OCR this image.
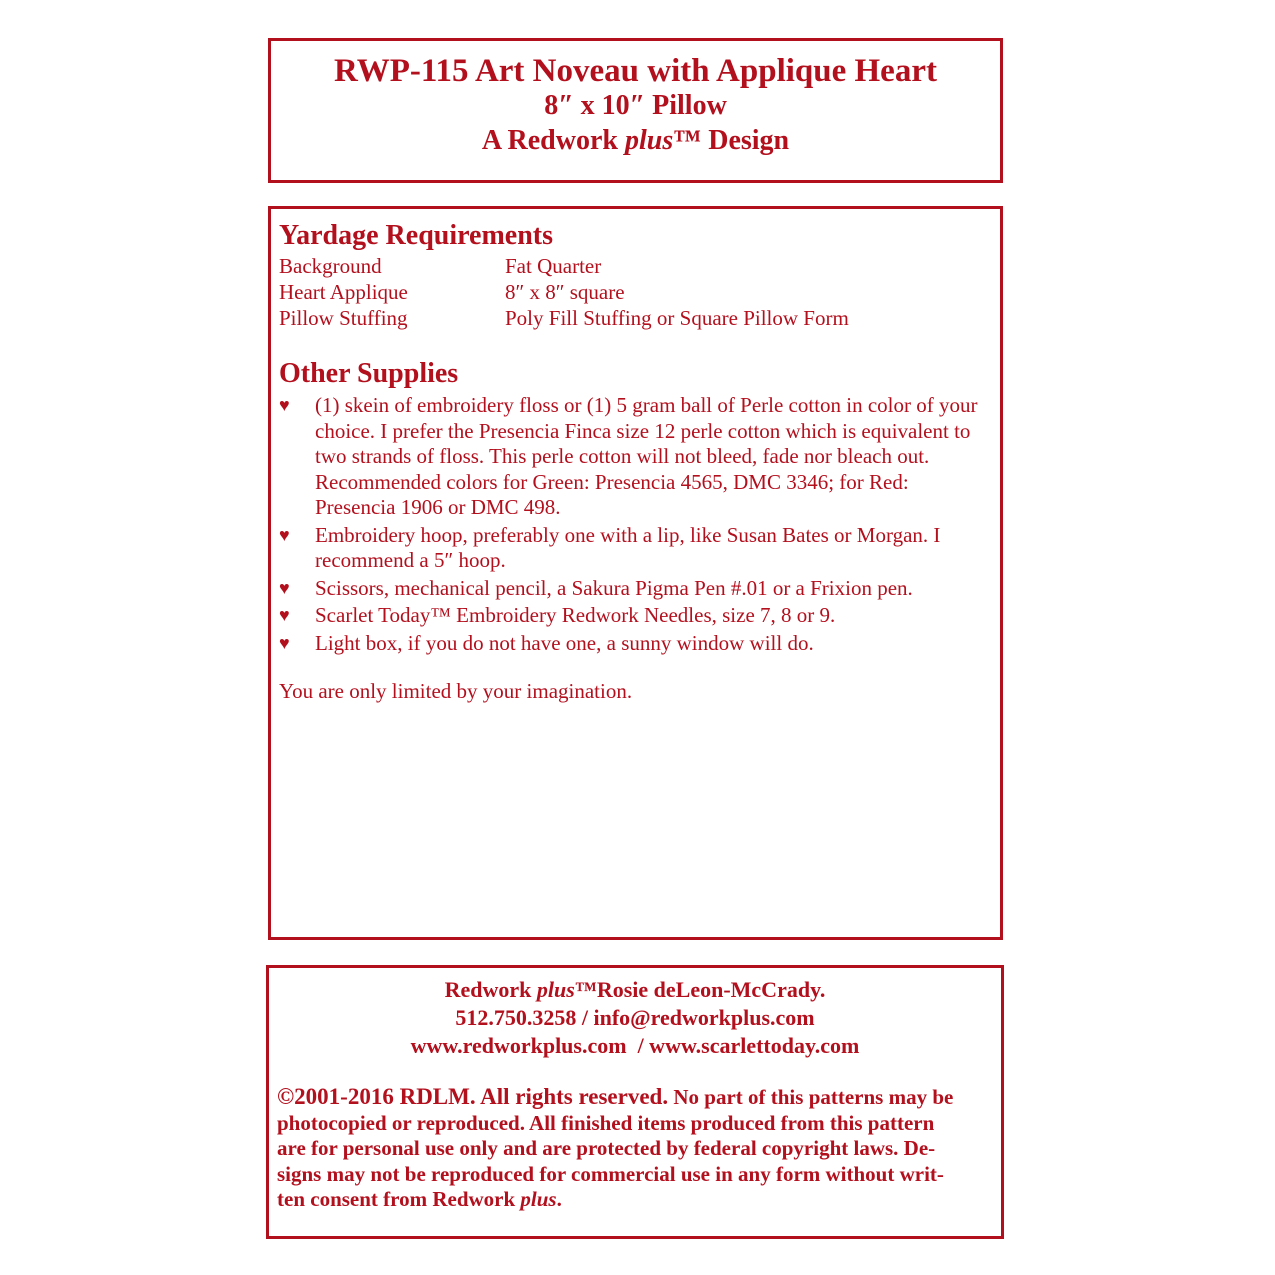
RWP-115 Art Noveau with Applique Heart
8″ x 10″ Pillow
A Redwork plus™ Design
Yardage Requirements
Background	Fat Quarter
Heart Applique	8″ x 8″ square
Pillow Stuffing	Poly Fill Stuffing or Square Pillow Form
Other Supplies
♥	(1) skein of embroidery floss or (1) 5 gram ball of Perle cotton in color of your choice. I prefer the Presencia Finca size 12 perle cotton which is equivalent to two strands of floss. This perle cotton will not bleed, fade nor bleach out. Recommended colors for Green: Presencia 4565, DMC 3346; for Red: Presencia 1906 or DMC 498.
♥	Embroidery hoop, preferably one with a lip, like Susan Bates or Morgan. I recommend a 5″ hoop.
♥	Scissors, mechanical pencil, a Sakura Pigma Pen #.01 or a Frixion pen.
♥	Scarlet Today™ Embroidery Redwork Needles, size 7, 8 or 9.
♥	Light box, if you do not have one, a sunny window will do.
You are only limited by your imagination.
Redwork plus™Rosie deLeon-McCrady.
512.750.3258 / info@redworkplus.com
www.redworkplus.com  / www.scarlettoday.com
©2001-2016 RDLM. All rights reserved. No part of this patterns may be
photocopied or reproduced. All finished items produced from this pattern
are for personal use only and are protected by federal copyright laws. De-
signs may not be reproduced for commercial use in any form without writ-
ten consent from Redwork plus.
